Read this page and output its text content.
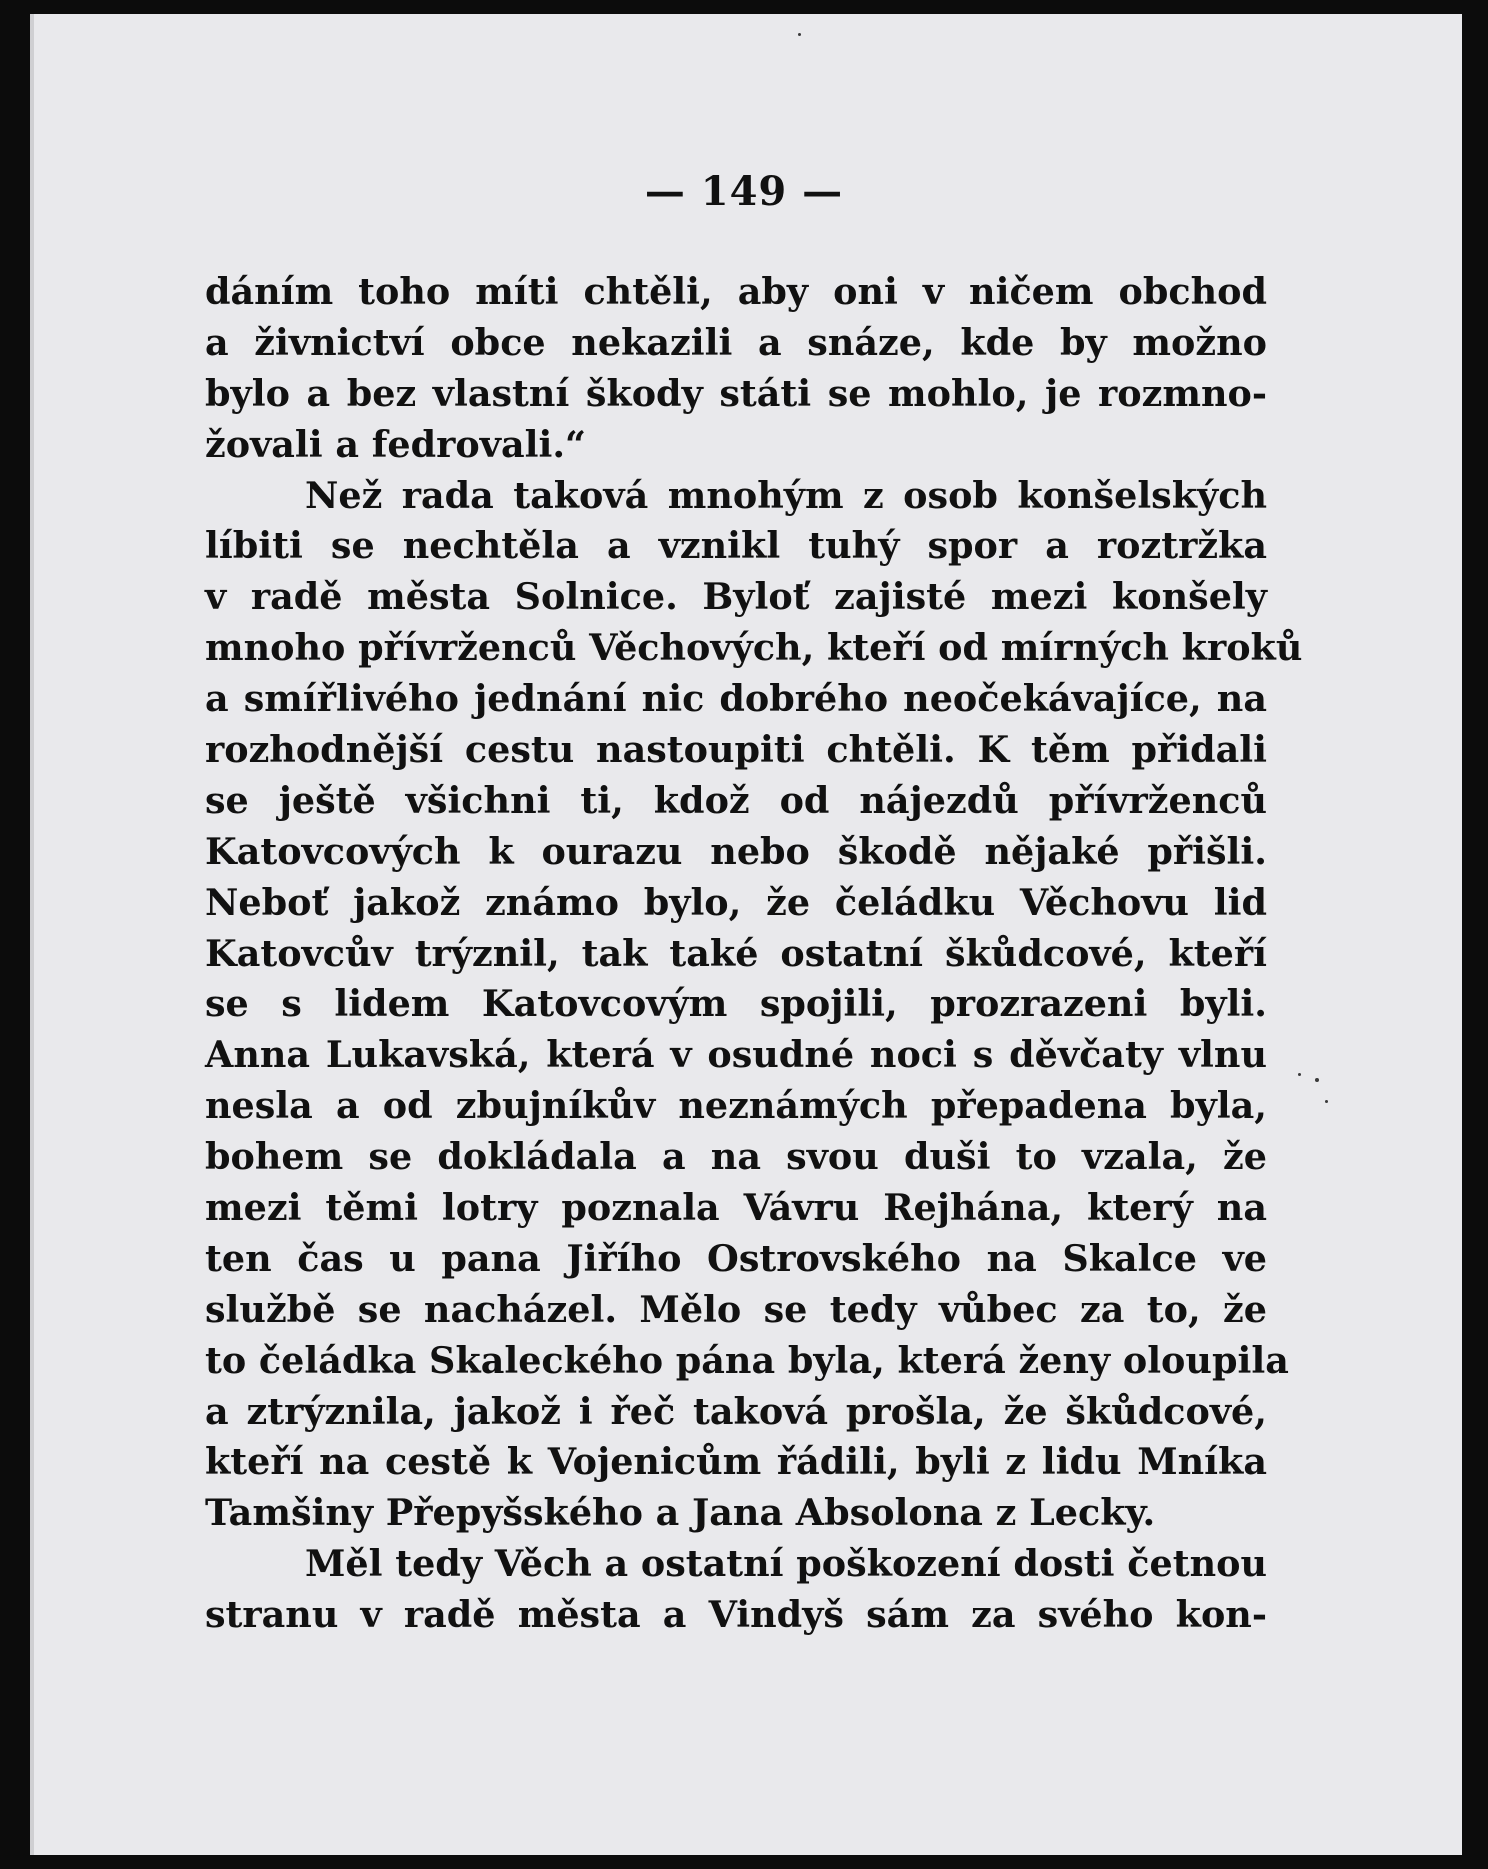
— 149 —
dáním toho míti chtěli, aby oni v ničem obchod
a živnictví obce nekazili a snáze, kde by možno
bylo a bez vlastní škody státi se mohlo, je rozmno-
žovali a fedrovali.“
Než rada taková mnohým z osob konšelských
líbiti se nechtěla a vznikl tuhý spor a roztržka
v radě města Solnice. Byloť zajisté mezi konšely
mnoho přívrženců Věchových, kteří od mírných kroků
a smířlivého jednání nic dobrého neočekávajíce, na
rozhodnější cestu nastoupiti chtěli. K těm přidali
se ještě všichni ti, kdož od nájezdů přívrženců
Katovcových k ourazu nebo škodě nějaké přišli.
Neboť jakož známo bylo, že čeládku Věchovu lid
Katovcův trýznil, tak také ostatní škůdcové, kteří
se s lidem Katovcovým spojili, prozrazeni byli.
Anna Lukavská, která v osudné noci s děvčaty vlnu
nesla a od zbujníkův neznámých přepadena byla,
bohem se dokládala a na svou duši to vzala, že
mezi těmi lotry poznala Vávru Rejhána, který na
ten čas u pana Jiřího Ostrovského na Skalce ve
službě se nacházel. Mělo se tedy vůbec za to, že
to čeládka Skaleckého pána byla, která ženy oloupila
a ztrýznila, jakož i řeč taková prošla, že škůdcové,
kteří na cestě k Vojenicům řádili, byli z lidu Mníka
Tamšiny Přepyšského a Jana Absolona z Lecky.
Měl tedy Věch a ostatní poškození dosti četnou
stranu v radě města a Vindyš sám za svého kon-
